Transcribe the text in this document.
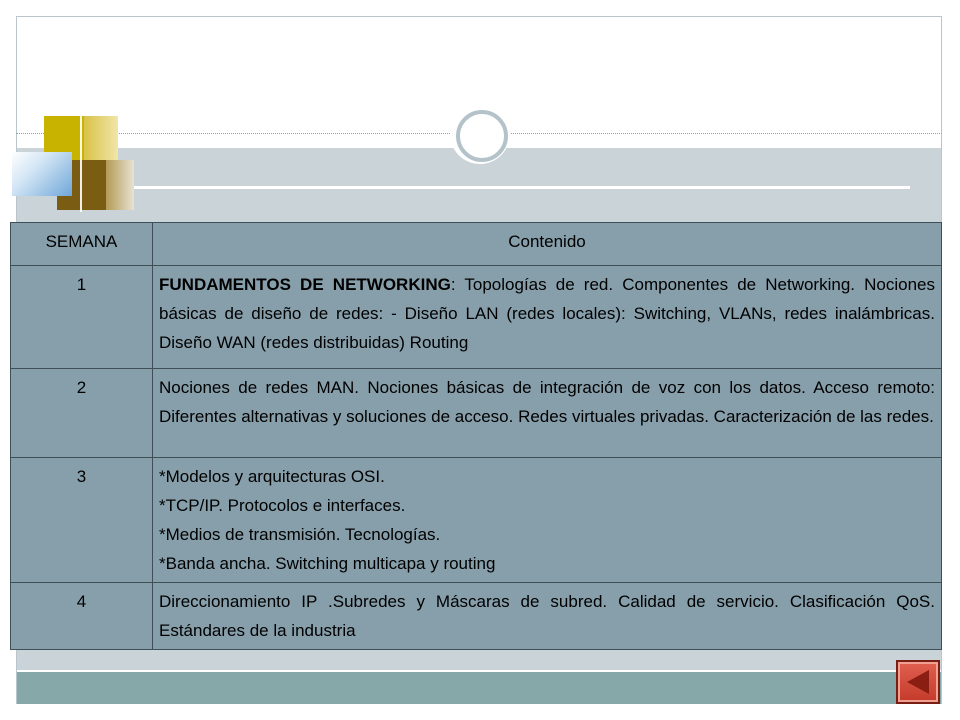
SEMANA	Contenido
1	FUNDAMENTOS DE NETWORKING: Topologías de red. Componentes de Networking. Nociones básicas de diseño de redes: - Diseño LAN (redes locales): Switching, VLANs, redes inalámbricas. Diseño WAN (redes distribuidas) Routing
2	Nociones de redes MAN. Nociones básicas de integración de voz con los datos. Acceso remoto: Diferentes alternativas y soluciones de acceso. Redes virtuales privadas. Caracterización de las redes.
3	*Modelos y arquitecturas OSI.
*TCP/IP. Protocolos e interfaces.
*Medios de transmisión. Tecnologías.
*Banda ancha. Switching multicapa y routing

4	Direccionamiento IP .Subredes y Máscaras de subred. Calidad de servicio. Clasificación QoS. Estándares de la industria
